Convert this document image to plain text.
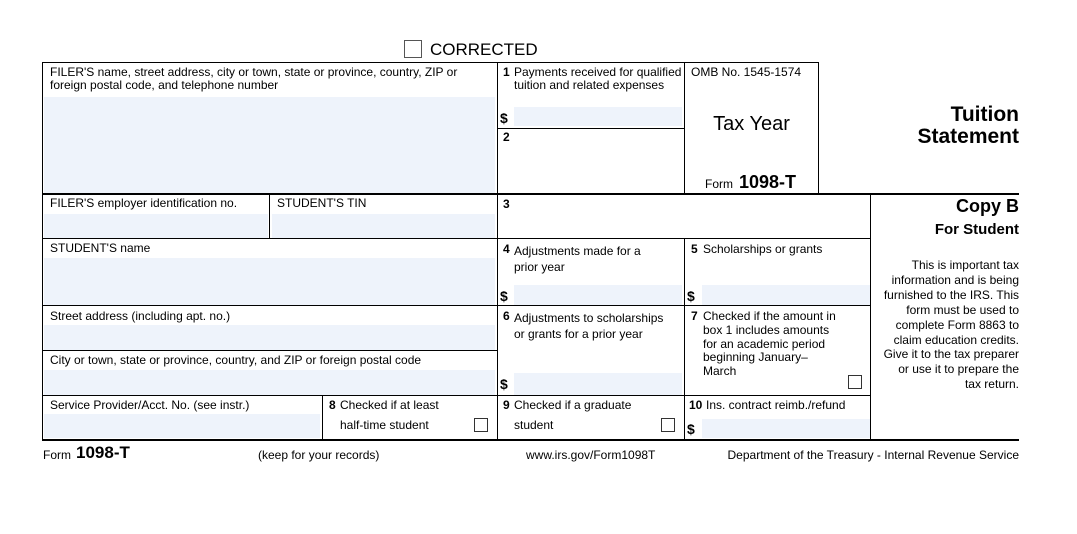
CORRECTED
FILER'S name, street address, city or town, state or province, country, ZIP or foreign postal code, and telephone number
1 Payments received for qualified tuition and related expenses
$
2
OMB No. 1545-1574
Tax Year
Form 1098-T
Tuition
Statement
FILER'S employer identification no.	STUDENT'S TIN	3	Copy B
For Student
This is important tax information and is being furnished to the IRS. This form must be used to complete Form 8863 to claim education credits. Give it to the tax preparer or use it to prepare the tax return.
STUDENT'S name	4 Adjustments made for a prior year
$
5 Scholarships or grants
$
Street address (including apt. no.)
City or town, state or province, country, and ZIP or foreign postal code
6 Adjustments to scholarships or grants for a prior year
$
7 Checked if the amount in box 1 includes amounts for an academic period beginning January– March
Service Provider/Acct. No. (see instr.)	8 Checked if at least
half-time student
9 Checked if a graduate
student
10 Ins. contract reimb./refund
$
Form 1098-T	(keep for your records)	www.irs.gov/Form1098T	Department of the Treasury - Internal Revenue Service
